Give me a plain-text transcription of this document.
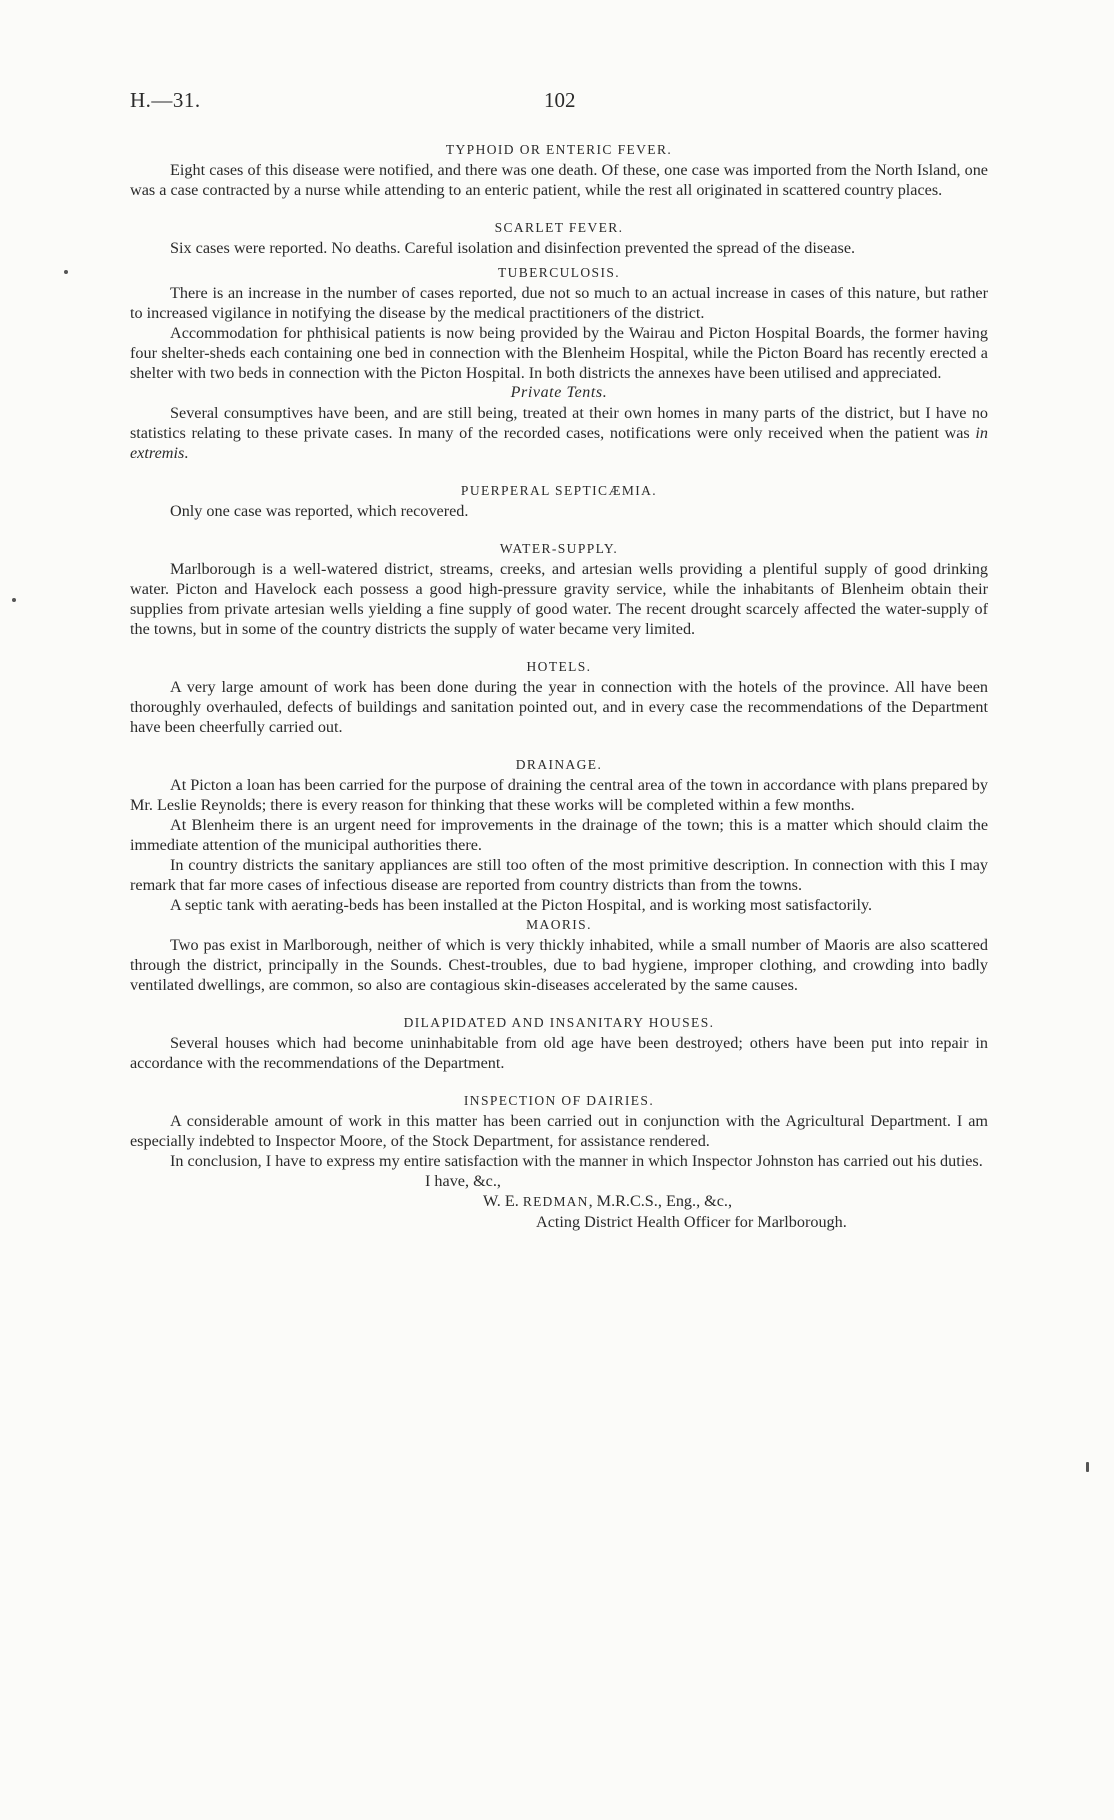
H.—31.	102
TYPHOID OR ENTERIC FEVER.

Eight cases of this disease were notified, and there was one death. Of these, one case was imported from the North Island, one was a case contracted by a nurse while attending to an enteric patient, while the rest all originated in scattered country places.

SCARLET FEVER.

Six cases were reported. No deaths. Careful isolation and disinfection prevented the spread of the disease.

TUBERCULOSIS.

There is an increase in the number of cases reported, due not so much to an actual increase in cases of this nature, but rather to increased vigilance in notifying the disease by the medical practitioners of the district.

Accommodation for phthisical patients is now being provided by the Wairau and Picton Hospital Boards, the former having four shelter-sheds each containing one bed in connection with the Blenheim Hospital, while the Picton Board has recently erected a shelter with two beds in connection with the Picton Hospital. In both districts the annexes have been utilised and appreciated.

Private Tents.

Several consumptives have been, and are still being, treated at their own homes in many parts of the district, but I have no statistics relating to these private cases. In many of the recorded cases, notifications were only received when the patient was in extremis.

PUERPERAL SEPTICÆMIA.

Only one case was reported, which recovered.

WATER-SUPPLY.

Marlborough is a well-watered district, streams, creeks, and artesian wells providing a plentiful supply of good drinking water. Picton and Havelock each possess a good high-pressure gravity service, while the inhabitants of Blenheim obtain their supplies from private artesian wells yielding a fine supply of good water. The recent drought scarcely affected the water-supply of the towns, but in some of the country districts the supply of water became very limited.

HOTELS.

A very large amount of work has been done during the year in connection with the hotels of the province. All have been thoroughly overhauled, defects of buildings and sanitation pointed out, and in every case the recommendations of the Department have been cheerfully carried out.

DRAINAGE.

At Picton a loan has been carried for the purpose of draining the central area of the town in accordance with plans prepared by Mr. Leslie Reynolds; there is every reason for thinking that these works will be completed within a few months.

At Blenheim there is an urgent need for improvements in the drainage of the town; this is a matter which should claim the immediate attention of the municipal authorities there.

In country districts the sanitary appliances are still too often of the most primitive description. In connection with this I may remark that far more cases of infectious disease are reported from country districts than from the towns.

A septic tank with aerating-beds has been installed at the Picton Hospital, and is working most satisfactorily.

MAORIS.

Two pas exist in Marlborough, neither of which is very thickly inhabited, while a small number of Maoris are also scattered through the district, principally in the Sounds. Chest-troubles, due to bad hygiene, improper clothing, and crowding into badly ventilated dwellings, are common, so also are contagious skin-diseases accelerated by the same causes.

DILAPIDATED AND INSANITARY HOUSES.

Several houses which had become uninhabitable from old age have been destroyed; others have been put into repair in accordance with the recommendations of the Department.

INSPECTION OF DAIRIES.

A considerable amount of work in this matter has been carried out in conjunction with the Agricultural Department. I am especially indebted to Inspector Moore, of the Stock Department, for assistance rendered.

In conclusion, I have to express my entire satisfaction with the manner in which Inspector Johnston has carried out his duties.

I have, &c.,
W. E. REDMAN, M.R.C.S., Eng., &c.,
Acting District Health Officer for Marlborough.
